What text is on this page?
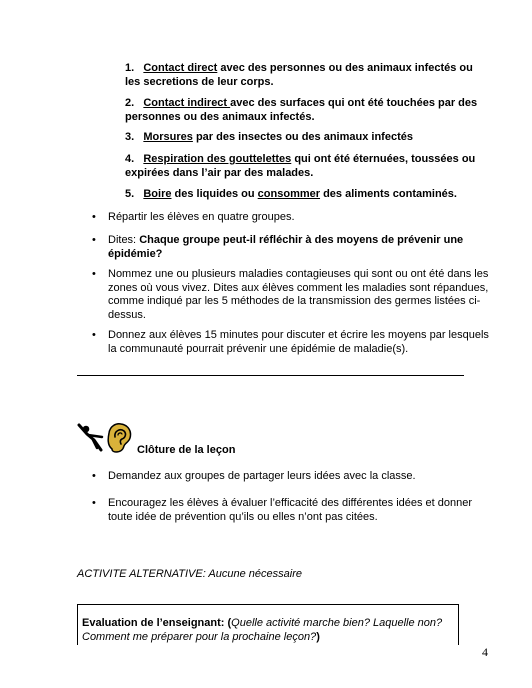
1. Contact direct avec des personnes ou des animaux infectés ou les secretions de leur corps.
2. Contact indirect avec des surfaces qui ont été touchées par des personnes ou des animaux infectés.
3. Morsures par des insectes ou des animaux infectés
4. Respiration des gouttelettes qui ont été éternuées, toussées ou expirées dans l’air par des malades.
5. Boire des liquides ou consommer des aliments contaminés.
• Répartir les élèves en quatre groupes.
• Dites: Chaque groupe peut-il réfléchir à des moyens de prévenir une épidémie?
• Nommez une ou plusieurs maladies contagieuses qui sont ou ont été dans les zones où vous vivez. Dites aux élèves comment les maladies sont répandues, comme indiqué par les 5 méthodes de la transmission des germes listées ci-dessus.
• Donnez aux élèves 15 minutes pour discuter et écrire les moyens par lesquels la communauté pourrait prévenir une épidémie de maladie(s).
Clôture de la leçon
• Demandez aux groupes de partager leurs idées avec la classe.
• Encouragez les élèves à évaluer l’efficacité des différentes idées et donner toute idée de prévention qu’ils ou elles n’ont pas citées.
ACTIVITE ALTERNATIVE: Aucune nécessaire
Evaluation de l’enseignant: (Quelle activité marche bien? Laquelle non? Comment me préparer pour la prochaine leçon?)
4
